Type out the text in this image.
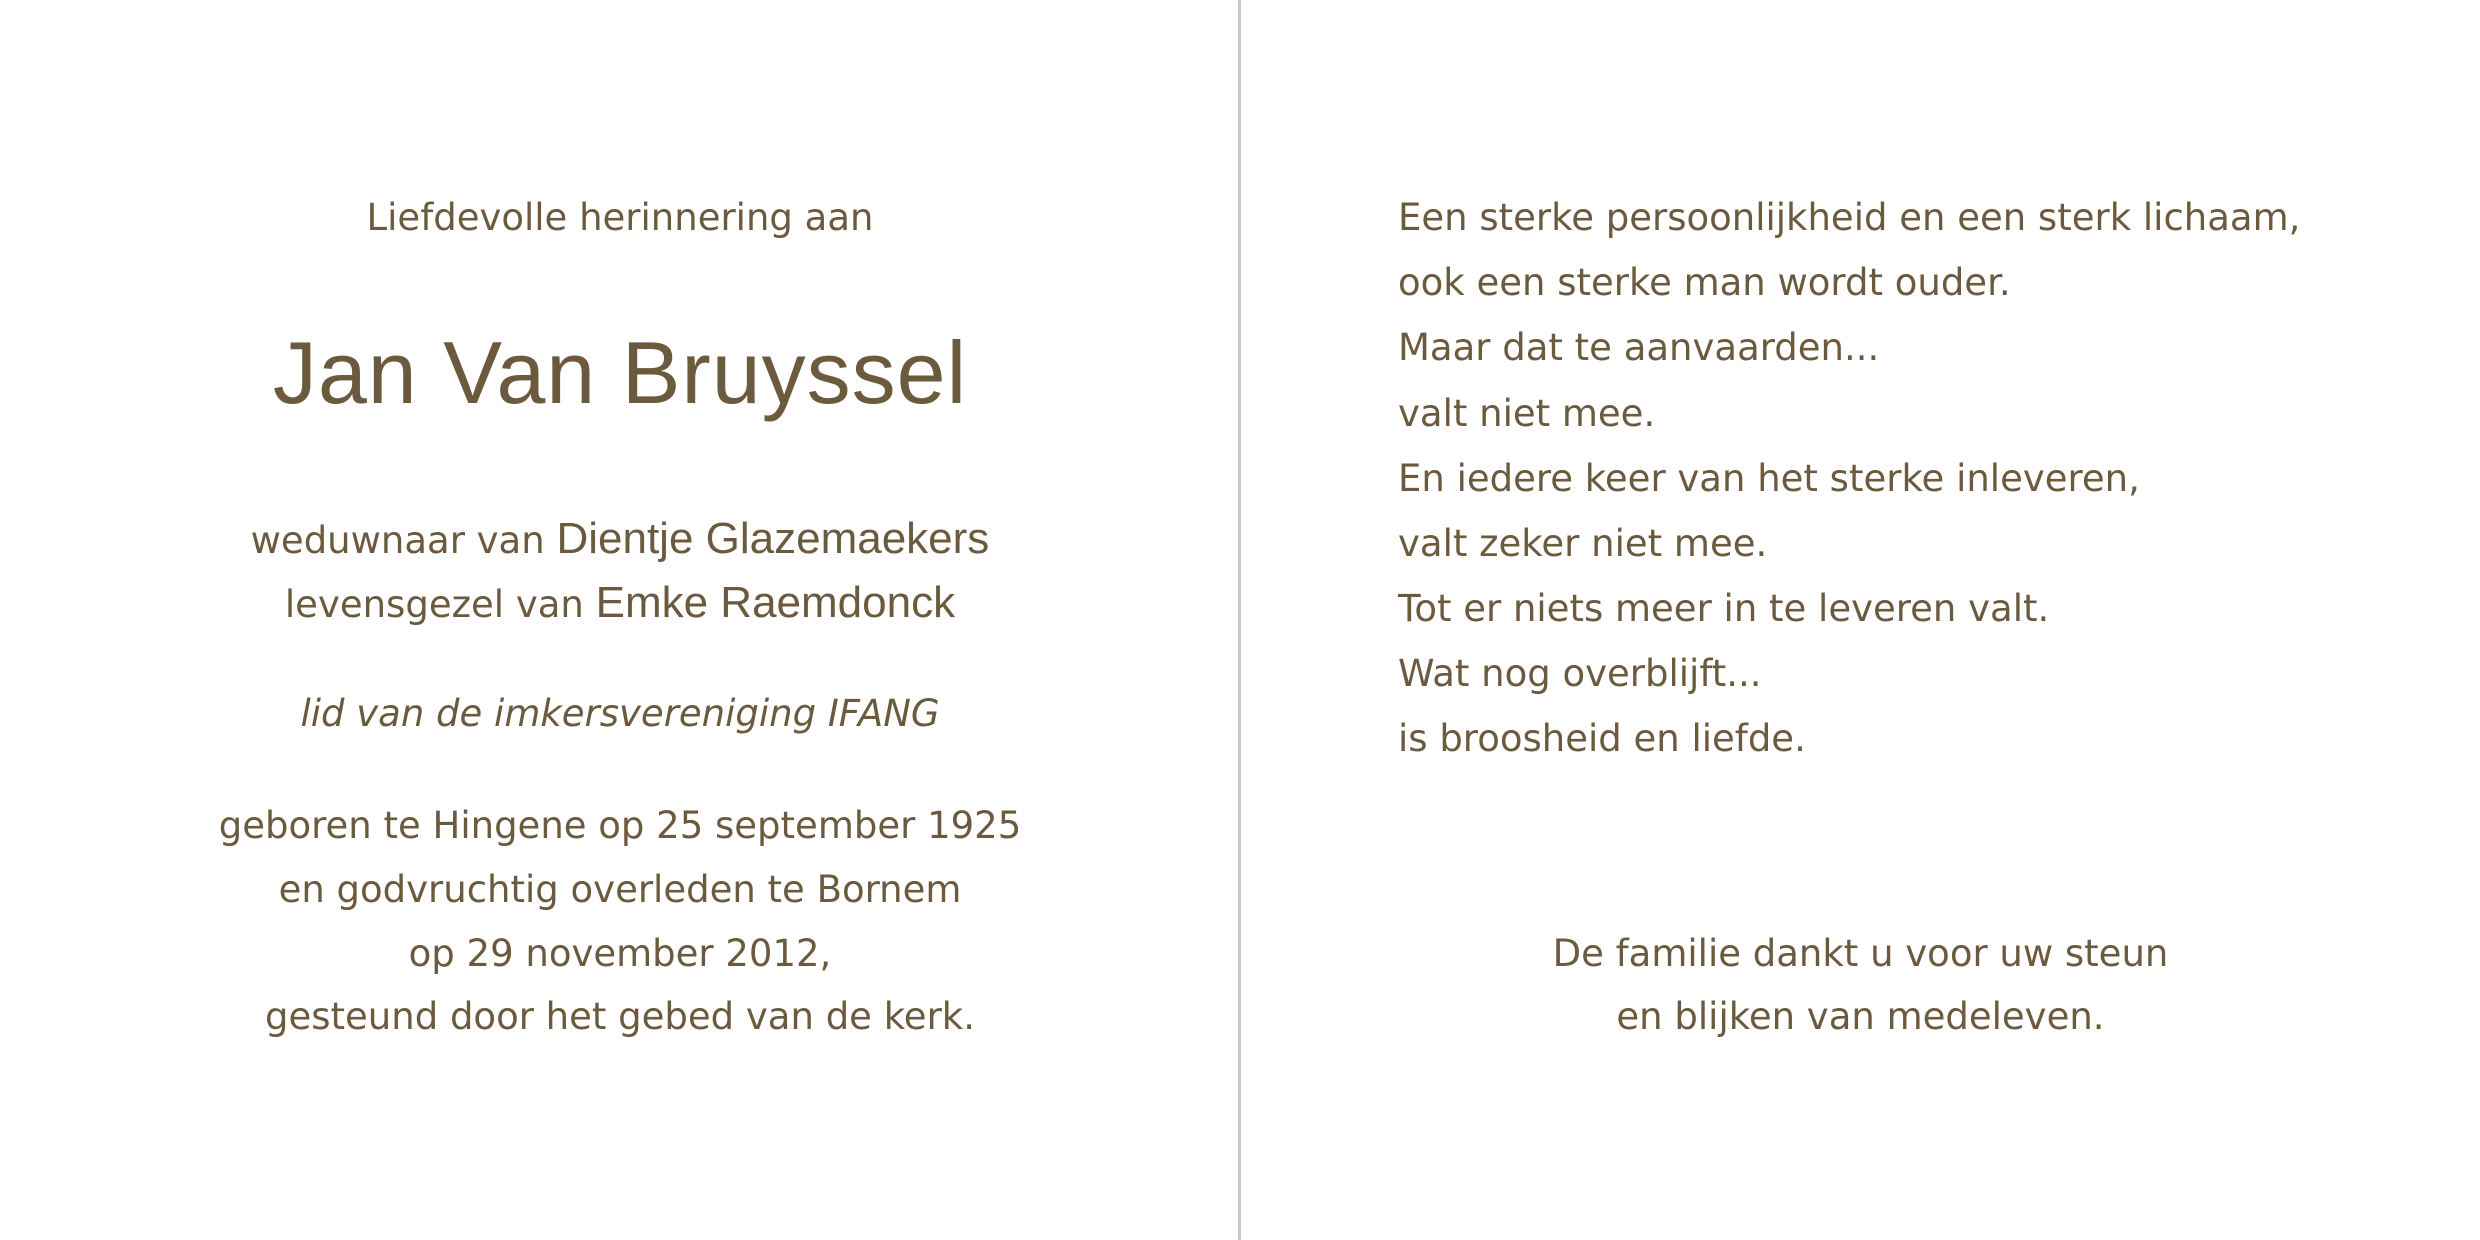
Liefdevolle herinnering aan
Jan Van Bruyssel
weduwnaar van Dientje Glazemaekers
levensgezel van Emke Raemdonck
lid van de imkersvereniging IFANG
geboren te Hingene op 25 september 1925
en godvruchtig overleden te Bornem
op 29 november 2012,
gesteund door het gebed van de kerk.
Een sterke persoonlijkheid en een sterk lichaam,
ook een sterke man wordt ouder.
Maar dat te aanvaarden...
valt niet mee.
En iedere keer van het sterke inleveren,
valt zeker niet mee.
Tot er niets meer in te leveren valt.
Wat nog overblijft...
is broosheid en liefde.
De familie dankt u voor uw steun
en blijken van medeleven.
